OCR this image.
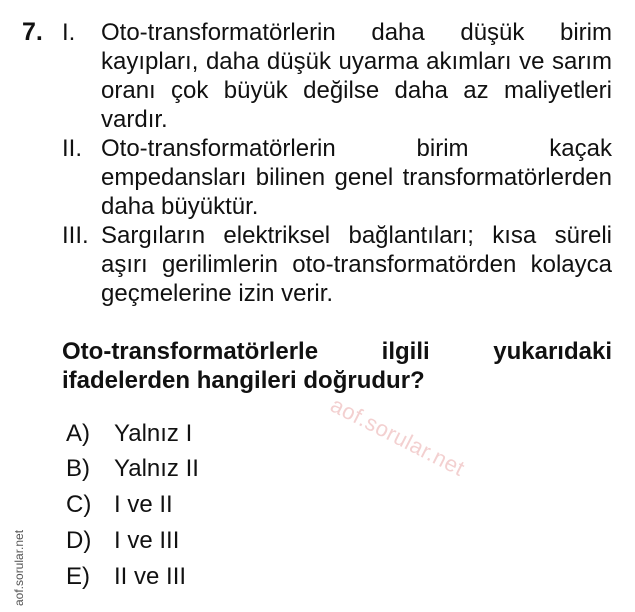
7. I. Oto-transformatörlerin daha düşük birim kayıpları, daha düşük uyarma akımları ve sarım oranı çok büyük değilse daha az maliyetleri vardır.
II. Oto-transformatörlerin birim kaçak empedansları bilinen genel transformatörlerden daha büyüktür.
III. Sargıların elektriksel bağlantıları; kısa süreli aşırı gerilimlerin oto-transformatörden kolayca geçmelerine izin verir.
Oto-transformatörlerle ilgili yukarıdaki ifadelerden hangileri doğrudur?
aof.sorular.net
A) Yalnız I
B) Yalnız II
C) I ve II
D) I ve III
E) II ve III
aof.sorular.net
